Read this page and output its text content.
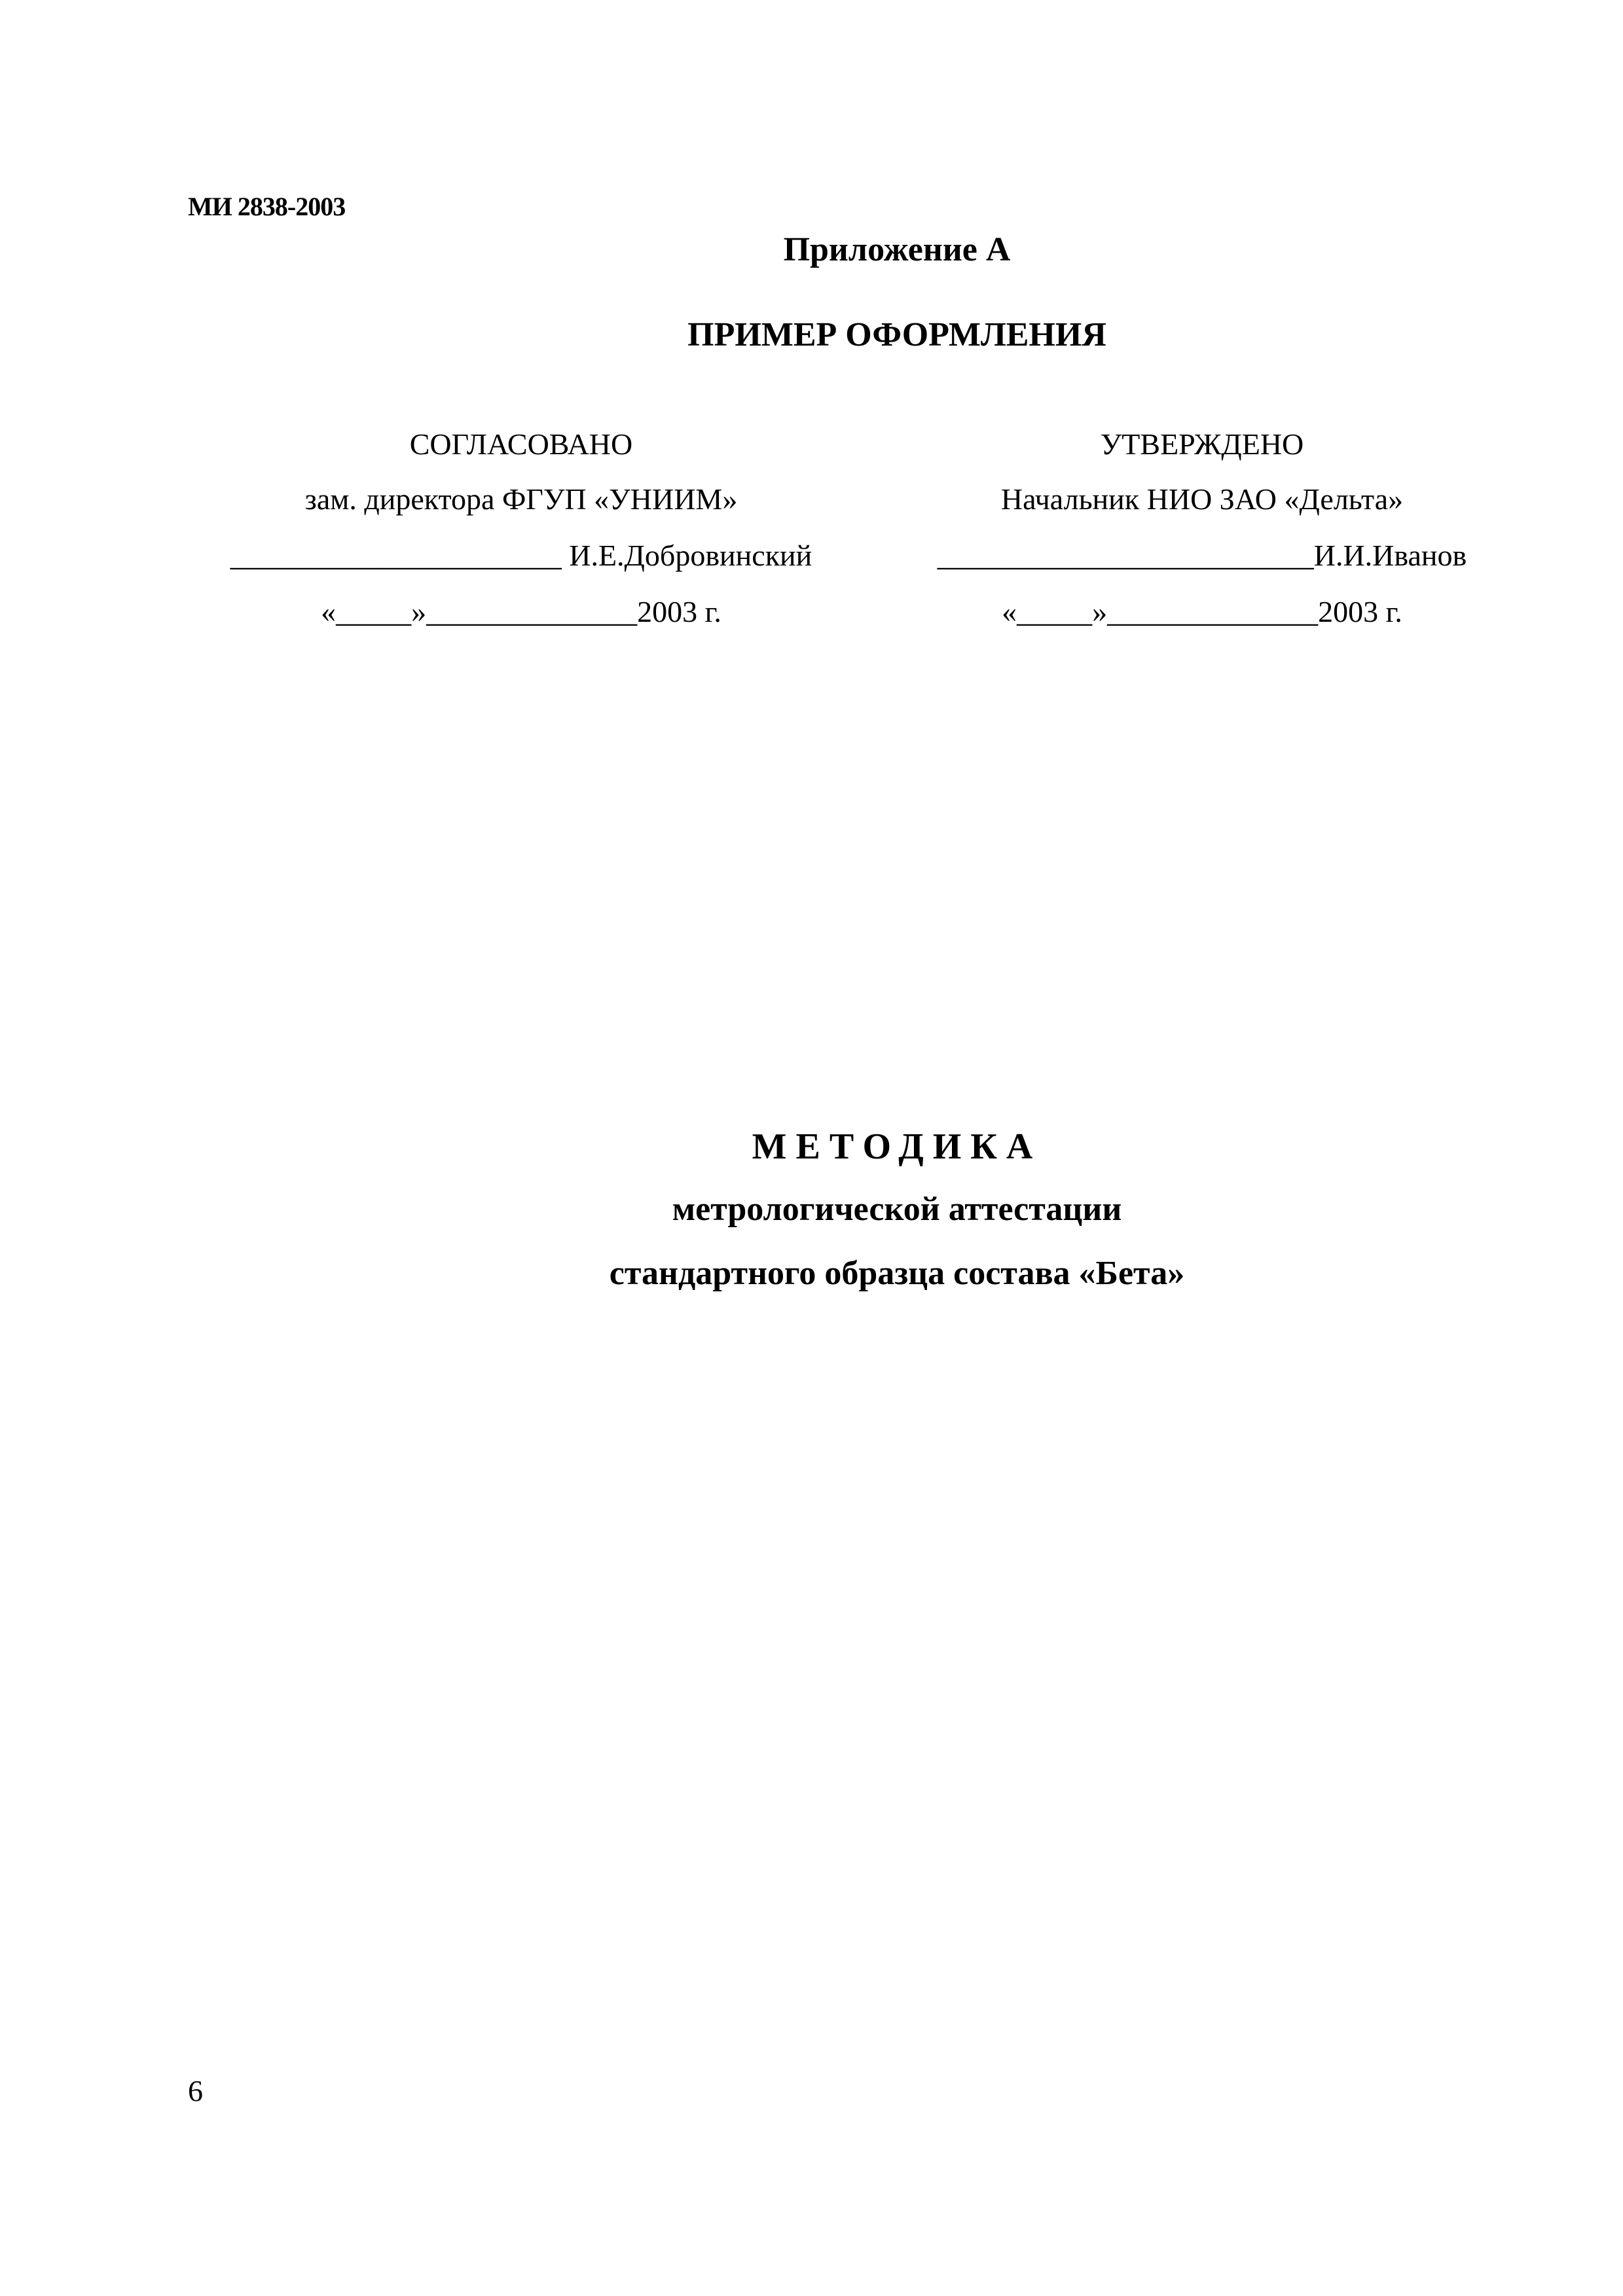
МИ 2838-2003
Приложение А
ПРИМЕР ОФОРМЛЕНИЯ
СОГЛАСОВАНО
зам. директора ФГУП «УНИИМ»
______________________ И.Е.Добровинский
«_____»______________2003 г.
УТВЕРЖДЕНО
Начальник НИО ЗАО «Дельта»
_________________________И.И.Иванов
«_____»______________2003 г.
МЕТОДИКА
метрологической аттестации
стандартного образца состава «Бета»
6
